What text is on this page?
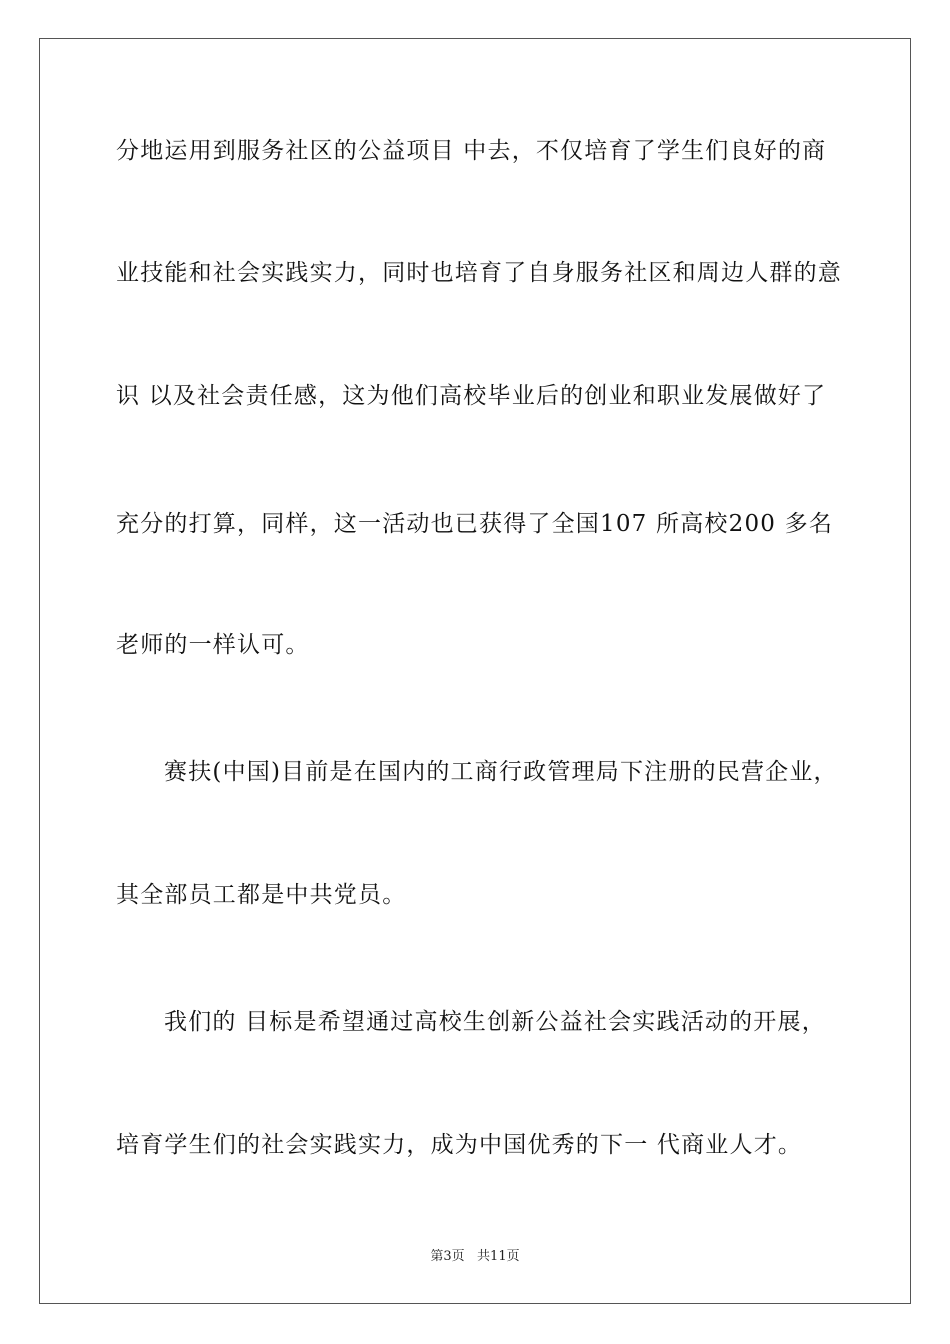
分地运用到服务社区的公益项目 中去，不仅培育了学生们良好的商
业技能和社会实践实力，同时也培育了自身服务社区和周边人群的意
识 以及社会责任感，这为他们高校毕业后的创业和职业发展做好了
充分的打算，同样，这一活动也已获得了全国107 所高校200 多名
老师的一样认可。
赛扶(中国)目前是在国内的工商行政管理局下注册的民营企业，
其全部员工都是中共党员。
我们的 目标是希望通过高校生创新公益社会实践活动的开展，
培育学生们的社会实践实力，成为中国优秀的下一 代商业人才。
第3页   共11页
